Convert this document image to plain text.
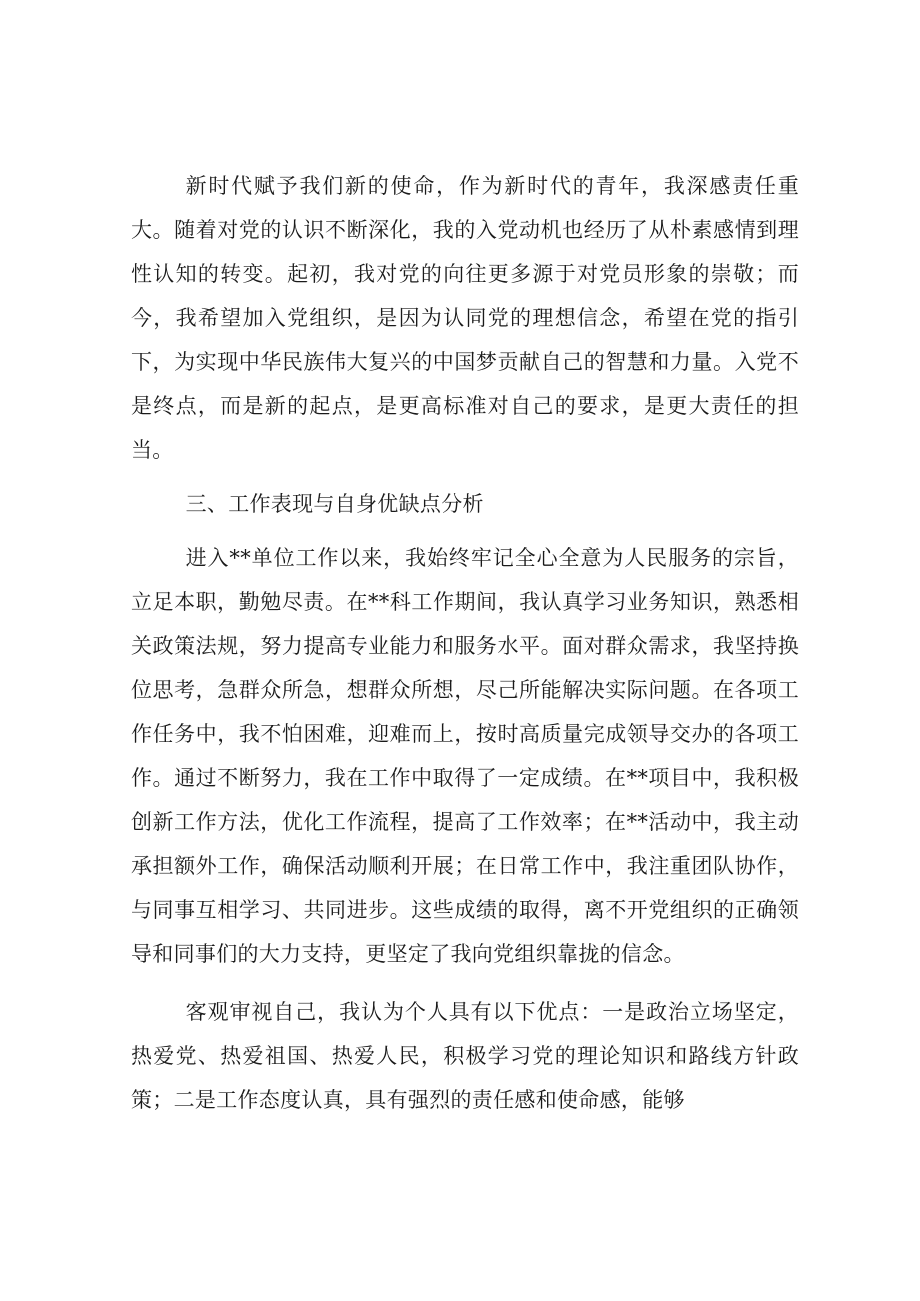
新时代赋予我们新的使命，作为新时代的青年，我深感责任重大。随着对党的认识不断深化，我的入党动机也经历了从朴素感情到理性认知的转变。起初，我对党的向往更多源于对党员形象的崇敬；而今，我希望加入党组织，是因为认同党的理想信念，希望在党的指引下，为实现中华民族伟大复兴的中国梦贡献自己的智慧和力量。入党不是终点，而是新的起点，是更高标准对自己的要求，是更大责任的担当。

三、工作表现与自身优缺点分析

进入**单位工作以来，我始终牢记全心全意为人民服务的宗旨，立足本职，勤勉尽责。在**科工作期间，我认真学习业务知识，熟悉相关政策法规，努力提高专业能力和服务水平。面对群众需求，我坚持换位思考，急群众所急，想群众所想，尽己所能解决实际问题。在各项工作任务中，我不怕困难，迎难而上，按时高质量完成领导交办的各项工作。通过不断努力，我在工作中取得了一定成绩。在**项目中，我积极创新工作方法，优化工作流程，提高了工作效率；在**活动中，我主动承担额外工作，确保活动顺利开展；在日常工作中，我注重团队协作，与同事互相学习、共同进步。这些成绩的取得，离不开党组织的正确领导和同事们的大力支持，更坚定了我向党组织靠拢的信念。

客观审视自己，我认为个人具有以下优点：一是政治立场坚定，热爱党、热爱祖国、热爱人民，积极学习党的理论知识和路线方针政策；二是工作态度认真，具有强烈的责任感和使命感，能够
